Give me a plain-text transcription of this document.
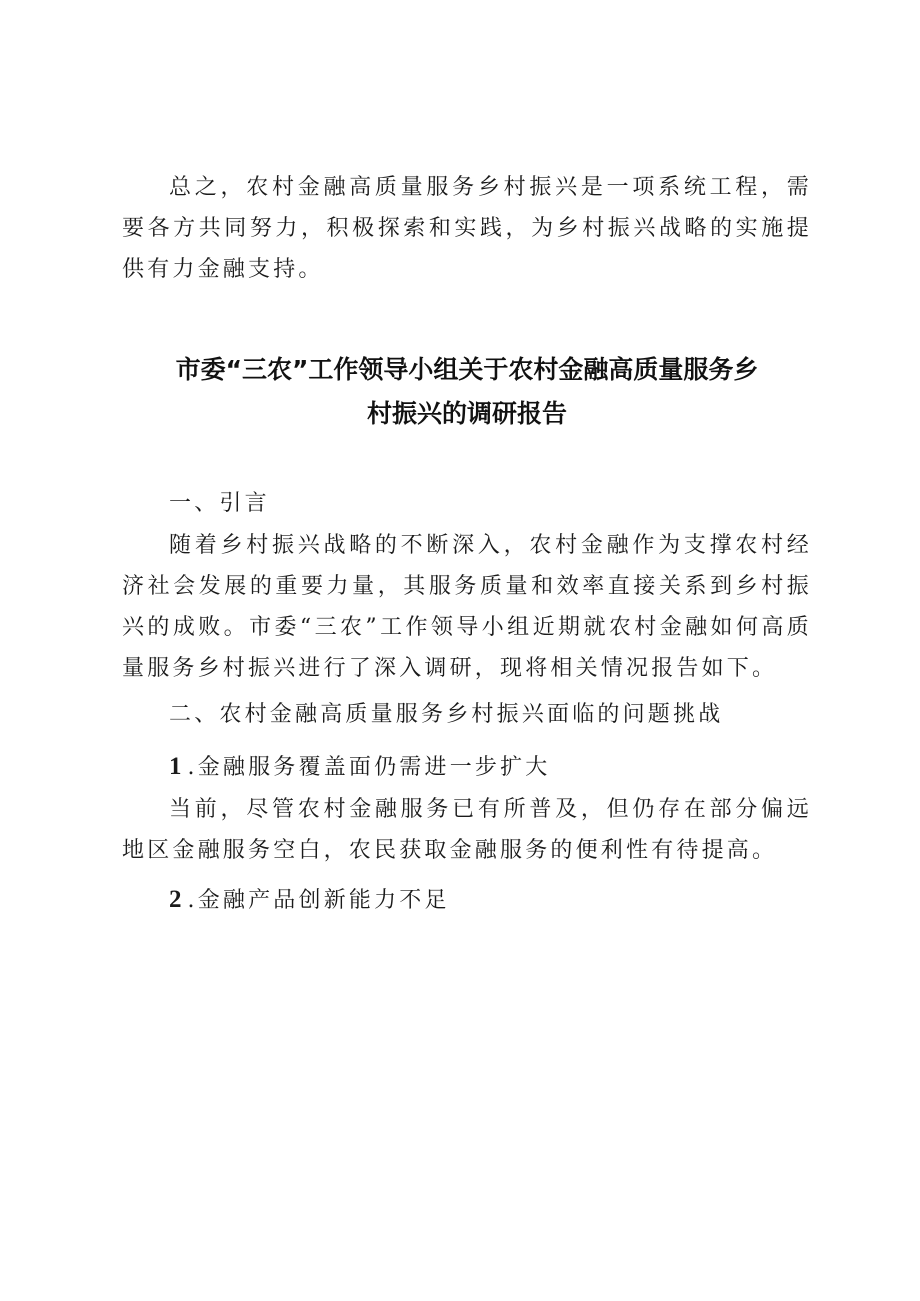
总之，农村金融高质量服务乡村振兴是一项系统工程，需要各方共同努力，积极探索和实践，为乡村振兴战略的实施提供有力金融支持。

市委“三农”工作领导小组关于农村金融高质量服务乡
村振兴的调研报告
一、引言

随着乡村振兴战略的不断深入，农村金融作为支撑农村经济社会发展的重要力量，其服务质量和效率直接关系到乡村振兴的成败。市委“三农”工作领导小组近期就农村金融如何高质量服务乡村振兴进行了深入调研，现将相关情况报告如下。

二、农村金融高质量服务乡村振兴面临的问题挑战
1.金融服务覆盖面仍需进一步扩大

当前，尽管农村金融服务已有所普及，但仍存在部分偏远地区金融服务空白，农民获取金融服务的便利性有待提高。

2.金融产品创新能力不足
